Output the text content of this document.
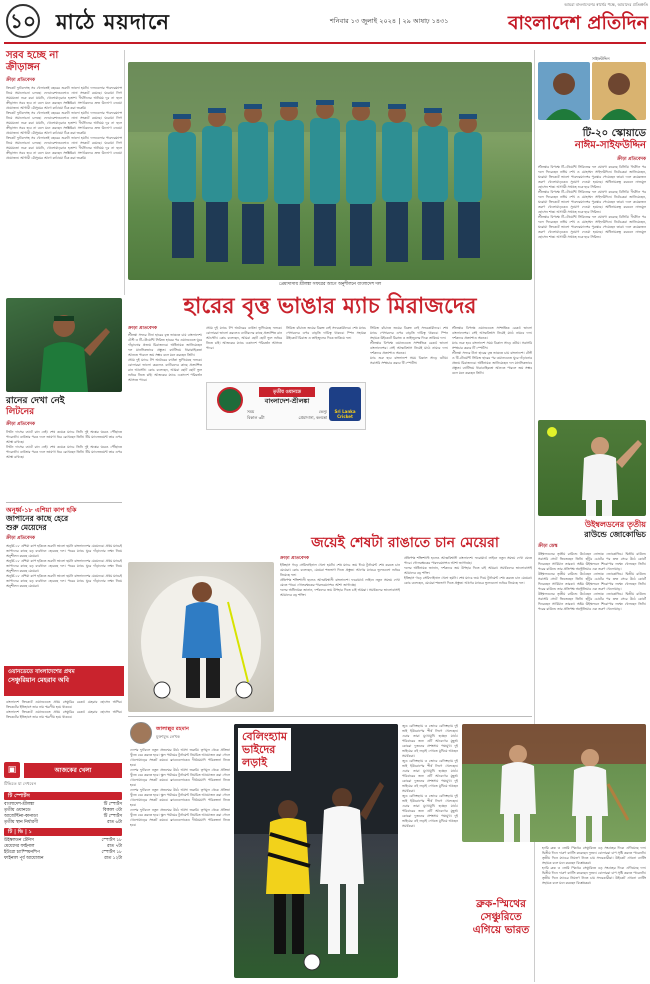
১০ মাঠে ময়দানে	শনিবার ১৩ জুলাই ২০২৪ | ২৯ আষাঢ় ১৪৩১
আমরা বাংলাদেশের স্বার্থের পক্ষে, আমাদের প্রতিশ্রুতি
বাংলাদেশ প্রতিদিন
সরব হচ্ছে না
ক্রীড়াঙ্গন
ক্রীড়া প্রতিবেদক

ক্রিকেট ফুটবলসহ সব খেলাতেই বছরের শুরুটা ভালো হয়নি। দলগুলোর পারফরম্যান্স নিয়ে সমালোচনা চলছে। ফেডারেশনগুলোও নানা সংকটে রয়েছে। ঘরোয়া লিগ সময়মতো শুরু করা যায়নি, খেলোয়াড়রাও হতাশ। দীর্ঘদিনের অনিয়ম দূর না হলে ক্রীড়াঙ্গন সরব হবে না বলে মনে করছেন সংশ্লিষ্টরা। সংগঠকদের দ্রুত উদ্যোগ নেওয়া প্রয়োজন। আগামী মৌসুমের আগে কাঠামো ঠিক করা জরুরি।

ক্রিকেট ফুটবলসহ সব খেলাতেই বছরের শুরুটা ভালো হয়নি। দলগুলোর পারফরম্যান্স নিয়ে সমালোচনা চলছে। ফেডারেশনগুলোও নানা সংকটে রয়েছে। ঘরোয়া লিগ সময়মতো শুরু করা যায়নি, খেলোয়াড়রাও হতাশ। দীর্ঘদিনের অনিয়ম দূর না হলে ক্রীড়াঙ্গন সরব হবে না বলে মনে করছেন সংশ্লিষ্টরা। সংগঠকদের দ্রুত উদ্যোগ নেওয়া প্রয়োজন। আগামী মৌসুমের আগে কাঠামো ঠিক করা জরুরি।

ক্রিকেট ফুটবলসহ সব খেলাতেই বছরের শুরুটা ভালো হয়নি। দলগুলোর পারফরম্যান্স নিয়ে সমালোচনা চলছে। ফেডারেশনগুলোও নানা সংকটে রয়েছে। ঘরোয়া লিগ সময়মতো শুরু করা যায়নি, খেলোয়াড়রাও হতাশ। দীর্ঘদিনের অনিয়ম দূর না হলে ক্রীড়াঙ্গন সরব হবে না বলে মনে করছেন সংশ্লিষ্টরা। সংগঠকদের দ্রুত উদ্যোগ নেওয়া প্রয়োজন। আগামী মৌসুমের আগে কাঠামো ঠিক করা জরুরি।

রানের দেখা নেই
লিটনের
ক্রীড়া প্রতিবেদক

লিটন দাসের ব্যাটে রান নেই। শেষ কয়েক ম্যাচে তিনি দুই অঙ্কের ঘরেও পৌঁছাতে পারেননি। ব্যর্থতার পরও দলে জায়গা ধরে রেখেছেন তিনি। টিম ম্যানেজমেন্ট তার ওপর আস্থা রাখছে।

লিটন দাসের ব্যাটে রান নেই। শেষ কয়েক ম্যাচে তিনি দুই অঙ্কের ঘরেও পৌঁছাতে পারেননি। ব্যর্থতার পরও দলে জায়গা ধরে রেখেছেন তিনি। টিম ম্যানেজমেন্ট তার ওপর আস্থা রাখছে।

অনূর্ধ্ব-১৮ এশিয়া কাপ হকি
জাপানের কাছে হেরে
শুরু মেয়েদের
ক্রীড়া প্রতিবেদক

অনূর্ধ্ব-১৮ এশিয়া কাপ হকিতে শুরুটা ভালো হয়নি বাংলাদেশের মেয়েদের। প্রথম ম্যাচেই জাপানের কাছে বড় ব্যবধানে হেরেছে দল। পরের ম্যাচে ঘুরে দাঁড়ানোর লক্ষ্য নিয়ে অনুশীলন করছে মেয়েরা।

অনূর্ধ্ব-১৮ এশিয়া কাপ হকিতে শুরুটা ভালো হয়নি বাংলাদেশের মেয়েদের। প্রথম ম্যাচেই জাপানের কাছে বড় ব্যবধানে হেরেছে দল। পরের ম্যাচে ঘুরে দাঁড়ানোর লক্ষ্য নিয়ে অনুশীলন করছে মেয়েরা।

অনূর্ধ্ব-১৮ এশিয়া কাপ হকিতে শুরুটা ভালো হয়নি বাংলাদেশের মেয়েদের। প্রথম ম্যাচেই জাপানের কাছে বড় ব্যবধানে হেরেছে দল। পরের ম্যাচে ঘুরে দাঁড়ানোর লক্ষ্য নিয়ে অনুশীলন করছে মেয়েরা।

ওয়ানডেতে বাংলাদেশের প্রথম
সেঞ্চুরিয়ান মেহরাব অবি

বাংলাদেশ ক্রিকেটে ওয়ানডেতে প্রথম সেঞ্চুরির রেকর্ড মেহরাব হোসেন অপির। ক্রিকেটের ইতিহাসে তার নাম স্মরণীয় হয়ে থাকবে।

বাংলাদেশ ক্রিকেটে ওয়ানডেতে প্রথম সেঞ্চুরির রেকর্ড মেহরাব হোসেন অপির। ক্রিকেটের ইতিহাসে তার নাম স্মরণীয় হয়ে থাকবে।

▣	আজকের খেলা
টিভিতে যা দেখবেন
টি স্পোর্টস
বাংলাদেশ-শ্রীলঙ্কা	টি স্পোর্টস
তৃতীয় ওয়ানডে	বিকাল ৩টা
আর্জেন্টিনা-কানাডা	টি স্পোর্টস
তৃতীয় স্থান নির্ধারণী	রাত ৬টা
টি | ভি | ১
উইম্বলডন টেনিস	স্পোর্টস ১৮
মেয়েদের ফাইনাল	রাত ৭টা
ইউরো চ্যাম্পিয়নশিপ	স্পোর্টস ১৮
ফাইনাল পূর্ব আয়োজন	রাত ১২টা
প্রেমাদাসায় শ্রীলঙ্কা সফরের আগে অনুশীলনে বাংলাদেশ দল
হারের বৃত্ত ভাঙার ম্যাচ মিরাজদের
ক্রীড়া প্রতিবেদক

শ্রীলঙ্কা সফরে টানা হারের বৃত্ত ভাঙতে চায় বাংলাদেশ। টেস্ট ও টি-টোয়েন্টি সিরিজ হারের পর ওয়ানডেতে ঘুরে দাঁড়ানোর প্রত্যয় মিরাজদের। অধিনায়ক জানিয়েছেন দল মানসিকভাবে প্রস্তুত। ব্যাটিংয়ে ধারাবাহিকতা আনতে পারলে জয় সম্ভব বলে মনে করছেন তিনি।

প্রথম দুই ম্যাচে টপ অর্ডারের ব্যর্থতা ভুগিয়েছে দলকে। বোলাররা ভালো করলেও ব্যাটারদের কাছে প্রত্যাশিত রান আসেনি। কোচ বলেছেন, আমরা ছোট ছোট ভুল শুধরে নিতে চাই। আজকের ম্যাচে একাদশে পরিবর্তন আসতে পারে।

প্রথম দুই ম্যাচে টপ অর্ডারের ব্যর্থতা ভুগিয়েছে দলকে। বোলাররা ভালো করলেও ব্যাটারদের কাছে প্রত্যাশিত রান আসেনি। কোচ বলেছেন, আমরা ছোট ছোট ভুল শুধরে নিতে চাই। আজকের ম্যাচে একাদশে পরিবর্তন আসতে পারে।

সিরিজ বাঁচাতে জয়ের বিকল্প নেই সফরকারীদের। শেষ ম্যাচে পেসারদের ওপর বাড়তি দায়িত্ব থাকবে। স্পিন সহায়ক উইকেটে মিরাজ ও তাইজুলের দিকে তাকিয়ে দল।

সিরিজ বাঁচাতে জয়ের বিকল্প নেই সফরকারীদের। শেষ ম্যাচে পেসারদের ওপর বাড়তি দায়িত্ব থাকবে। স্পিন সহায়ক উইকেটে মিরাজ ও তাইজুলের দিকে তাকিয়ে দল।

শ্রীলঙ্কার বিপক্ষে ওয়ানডেতে সাম্প্রতিক রেকর্ড ভালো বাংলাদেশের। সেই আত্মবিশ্বাস নিয়েই মাঠে নামবে দল। দর্শকদের প্রত্যাশাও অনেক।

ম্যাচ শুরু হবে বাংলাদেশ সময় বিকাল সাড়ে ৩টায়। সরাসরি সম্প্রচার করবে টি স্পোর্টস।

শ্রীলঙ্কার বিপক্ষে ওয়ানডেতে সাম্প্রতিক রেকর্ড ভালো বাংলাদেশের। সেই আত্মবিশ্বাস নিয়েই মাঠে নামবে দল। দর্শকদের প্রত্যাশাও অনেক।

ম্যাচ শুরু হবে বাংলাদেশ সময় বিকাল সাড়ে ৩টায়। সরাসরি সম্প্রচার করবে টি স্পোর্টস।

শ্রীলঙ্কা সফরে টানা হারের বৃত্ত ভাঙতে চায় বাংলাদেশ। টেস্ট ও টি-টোয়েন্টি সিরিজ হারের পর ওয়ানডেতে ঘুরে দাঁড়ানোর প্রত্যয় মিরাজদের। অধিনায়ক জানিয়েছেন দল মানসিকভাবে প্রস্তুত। ব্যাটিংয়ে ধারাবাহিকতা আনতে পারলে জয় সম্ভব বলে মনে করছেন তিনি।

তৃতীয় ওয়ানডে
বাংলাদেশ-শ্রীলঙ্কা
সময়	ভেন্যু
বিকাল ৩টা	প্রেমাদাসা, কলম্বো
Sri Lanka Cricket
জয়েই শেষটা রাঙাতে চান মেয়েরা
ক্রীড়া প্রতিবেদক

ইতিহাস গড়ে সেমিফাইনাল খেলা হয়নি। শেষ ম্যাচে জয় দিয়ে টুর্নামেন্ট শেষ করতে চান মেয়েরা। কোচ বলেছেন, মেয়েরা শতভাগ দিতে প্রস্তুত। আগের ম্যাচের ভুলগুলো শুধরে নিয়েছে দল।

প্রতিপক্ষ শক্তিশালী হলেও আত্মবিশ্বাসী বাংলাদেশ। ফরোয়ার্ড লাইনে নতুন সমন্বয় দেখা যেতে পারে। গোলরক্ষকের পারফরম্যান্সও আশা জাগাচ্ছে।

দলের অধিনায়ক জানান, দর্শকদের জয় উপহার দিতে চাই আমরা। সমর্থকদের ভালোবাসাই আমাদের বড় শক্তি।

প্রতিপক্ষ শক্তিশালী হলেও আত্মবিশ্বাসী বাংলাদেশ। ফরোয়ার্ড লাইনে নতুন সমন্বয় দেখা যেতে পারে। গোলরক্ষকের পারফরম্যান্সও আশা জাগাচ্ছে।

দলের অধিনায়ক জানান, দর্শকদের জয় উপহার দিতে চাই আমরা। সমর্থকদের ভালোবাসাই আমাদের বড় শক্তি।

ইতিহাস গড়ে সেমিফাইনাল খেলা হয়নি। শেষ ম্যাচে জয় দিয়ে টুর্নামেন্ট শেষ করতে চান মেয়েরা। কোচ বলেছেন, মেয়েরা শতভাগ দিতে প্রস্তুত। আগের ম্যাচের ভুলগুলো শুধরে নিয়েছে দল।

জালাল্লুর রহমান
মুক্তাযুদ্ধ লেখক

দেশের ফুটবলে নতুন প্রজন্মের উঠে আসা জরুরি। তৃণমূল থেকে প্রতিভা খুঁজে বের করতে হবে। স্কুল পর্যায়ের টুর্নামেন্ট নিয়মিত আয়োজন করা গেলে খেলোয়াড়ের সংকট কমবে। ক্লাবগুলোকেও দীর্ঘমেয়াদি পরিকল্পনা নিতে হবে।

দেশের ফুটবলে নতুন প্রজন্মের উঠে আসা জরুরি। তৃণমূল থেকে প্রতিভা খুঁজে বের করতে হবে। স্কুল পর্যায়ের টুর্নামেন্ট নিয়মিত আয়োজন করা গেলে খেলোয়াড়ের সংকট কমবে। ক্লাবগুলোকেও দীর্ঘমেয়াদি পরিকল্পনা নিতে হবে।

দেশের ফুটবলে নতুন প্রজন্মের উঠে আসা জরুরি। তৃণমূল থেকে প্রতিভা খুঁজে বের করতে হবে। স্কুল পর্যায়ের টুর্নামেন্ট নিয়মিত আয়োজন করা গেলে খেলোয়াড়ের সংকট কমবে। ক্লাবগুলোকেও দীর্ঘমেয়াদি পরিকল্পনা নিতে হবে।

দেশের ফুটবলে নতুন প্রজন্মের উঠে আসা জরুরি। তৃণমূল থেকে প্রতিভা খুঁজে বের করতে হবে। স্কুল পর্যায়ের টুর্নামেন্ট নিয়মিত আয়োজন করা গেলে খেলোয়াড়ের সংকট কমবে। ক্লাবগুলোকেও দীর্ঘমেয়াদি পরিকল্পনা নিতে হবে।

বেলিংহ্যাম
ভাইদের
লড়াই

জুড বেলিংহ্যাম ও জোবে বেলিংহ্যাম দুই ভাই ইউরোপের শীর্ষ লিগে খেলছেন। এবার তারা মুখোমুখি হচ্ছেন মাঠে। পরিবারের জন্য এটি আবেগের মুহূর্ত। কোচরা দুজনের প্রশংসায় পঞ্চমুখ। দুই ভাইয়ের এই লড়াই দেখতে মুখিয়ে আছেন সমর্থকরা।

জুড বেলিংহ্যাম ও জোবে বেলিংহ্যাম দুই ভাই ইউরোপের শীর্ষ লিগে খেলছেন। এবার তারা মুখোমুখি হচ্ছেন মাঠে। পরিবারের জন্য এটি আবেগের মুহূর্ত। কোচরা দুজনের প্রশংসায় পঞ্চমুখ। দুই ভাইয়ের এই লড়াই দেখতে মুখিয়ে আছেন সমর্থকরা।

জুড বেলিংহ্যাম ও জোবে বেলিংহ্যাম দুই ভাই ইউরোপের শীর্ষ লিগে খেলছেন। এবার তারা মুখোমুখি হচ্ছেন মাঠে। পরিবারের জন্য এটি আবেগের মুহূর্ত। কোচরা দুজনের প্রশংসায় পঞ্চমুখ। দুই ভাইয়ের এই লড়াই দেখতে মুখিয়ে আছেন সমর্থকরা।

সাইফউদ্দিন
টি-২০ স্কোয়াডে
নাঈম-সাইফউদ্দিন
ক্রীড়া প্রতিবেদক

শ্রীলঙ্কার বিপক্ষে টি-টোয়েন্টি সিরিজের দল ঘোষণা করেছে বিসিবি। দীর্ঘদিন পর দলে ফিরেছেন নাঈম শেখ ও মোহাম্মদ সাইফউদ্দিন। নির্বাচকরা জানিয়েছেন, ঘরোয়া ক্রিকেটে ভালো পারফরম্যান্সের পুরস্কার পেয়েছেন তারা। দলে কয়েকজন তরুণ খেলোয়াড়কেও সুযোগ দেওয়া হয়েছে। অধিনায়কত্ব করবেন নাজমুল হোসেন শান্ত। আগামী সপ্তাহে শুরু হবে সিরিজ।

শ্রীলঙ্কার বিপক্ষে টি-টোয়েন্টি সিরিজের দল ঘোষণা করেছে বিসিবি। দীর্ঘদিন পর দলে ফিরেছেন নাঈম শেখ ও মোহাম্মদ সাইফউদ্দিন। নির্বাচকরা জানিয়েছেন, ঘরোয়া ক্রিকেটে ভালো পারফরম্যান্সের পুরস্কার পেয়েছেন তারা। দলে কয়েকজন তরুণ খেলোয়াড়কেও সুযোগ দেওয়া হয়েছে। অধিনায়কত্ব করবেন নাজমুল হোসেন শান্ত। আগামী সপ্তাহে শুরু হবে সিরিজ।

শ্রীলঙ্কার বিপক্ষে টি-টোয়েন্টি সিরিজের দল ঘোষণা করেছে বিসিবি। দীর্ঘদিন পর দলে ফিরেছেন নাঈম শেখ ও মোহাম্মদ সাইফউদ্দিন। নির্বাচকরা জানিয়েছেন, ঘরোয়া ক্রিকেটে ভালো পারফরম্যান্সের পুরস্কার পেয়েছেন তারা। দলে কয়েকজন তরুণ খেলোয়াড়কেও সুযোগ দেওয়া হয়েছে। অধিনায়কত্ব করবেন নাজমুল হোসেন শান্ত। আগামী সপ্তাহে শুরু হবে সিরিজ।

উইম্বলডনের তৃতীয়
রাউন্ডে জোকোভিচ
ক্রীড়া ডেস্ক

উইম্বলডনের তৃতীয় রাউন্ডে উঠেছেন নোভাক জোকোভিচ। দ্বিতীয় রাউন্ডে সরাসরি সেটে জিতেছেন তিনি। হাঁটুর চোটের পর দ্রুত সেরে উঠে কোর্টে ফিরেছেন সার্বিয়ান তারকা। অষ্টম উইম্বলডন শিরোপার লক্ষ্যে খেলছেন তিনি। পরের রাউন্ডে তার প্রতিপক্ষ অস্ট্রেলিয়ার এক তরুণ খেলোয়াড়।

উইম্বলডনের তৃতীয় রাউন্ডে উঠেছেন নোভাক জোকোভিচ। দ্বিতীয় রাউন্ডে সরাসরি সেটে জিতেছেন তিনি। হাঁটুর চোটের পর দ্রুত সেরে উঠে কোর্টে ফিরেছেন সার্বিয়ান তারকা। অষ্টম উইম্বলডন শিরোপার লক্ষ্যে খেলছেন তিনি। পরের রাউন্ডে তার প্রতিপক্ষ অস্ট্রেলিয়ার এক তরুণ খেলোয়াড়।

উইম্বলডনের তৃতীয় রাউন্ডে উঠেছেন নোভাক জোকোভিচ। দ্বিতীয় রাউন্ডে সরাসরি সেটে জিতেছেন তিনি। হাঁটুর চোটের পর দ্রুত সেরে উঠে কোর্টে ফিরেছেন সার্বিয়ান তারকা। অষ্টম উইম্বলডন শিরোপার লক্ষ্যে খেলছেন তিনি। পরের রাউন্ডে তার প্রতিপক্ষ অস্ট্রেলিয়ার এক তরুণ খেলোয়াড়।

হ্যারি ব্রুক ও জেমি স্মিথের সেঞ্চুরিতে বড় সংগ্রহের দিকে এগিয়েছে দল। দ্বিতীয় দিনে দারুণ ব্যাটিং করেছেন দুজন। বোলাররা চাপ সৃষ্টি করতে পারেননি। তৃতীয় দিনে ম্যাচের নিয়ন্ত্রণ নিতে চায় সফরকারীরা। উইকেট এখনো ব্যাটিং সহায়ক বলে মনে করছেন বিশ্লেষকরা।

হ্যারি ব্রুক ও জেমি স্মিথের সেঞ্চুরিতে বড় সংগ্রহের দিকে এগিয়েছে দল। দ্বিতীয় দিনে দারুণ ব্যাটিং করেছেন দুজন। বোলাররা চাপ সৃষ্টি করতে পারেননি। তৃতীয় দিনে ম্যাচের নিয়ন্ত্রণ নিতে চায় সফরকারীরা। উইকেট এখনো ব্যাটিং সহায়ক বলে মনে করছেন বিশ্লেষকরা।

ব্রুক-স্মিথের
সেঞ্চুরিতে
এগিয়ে ভারত
